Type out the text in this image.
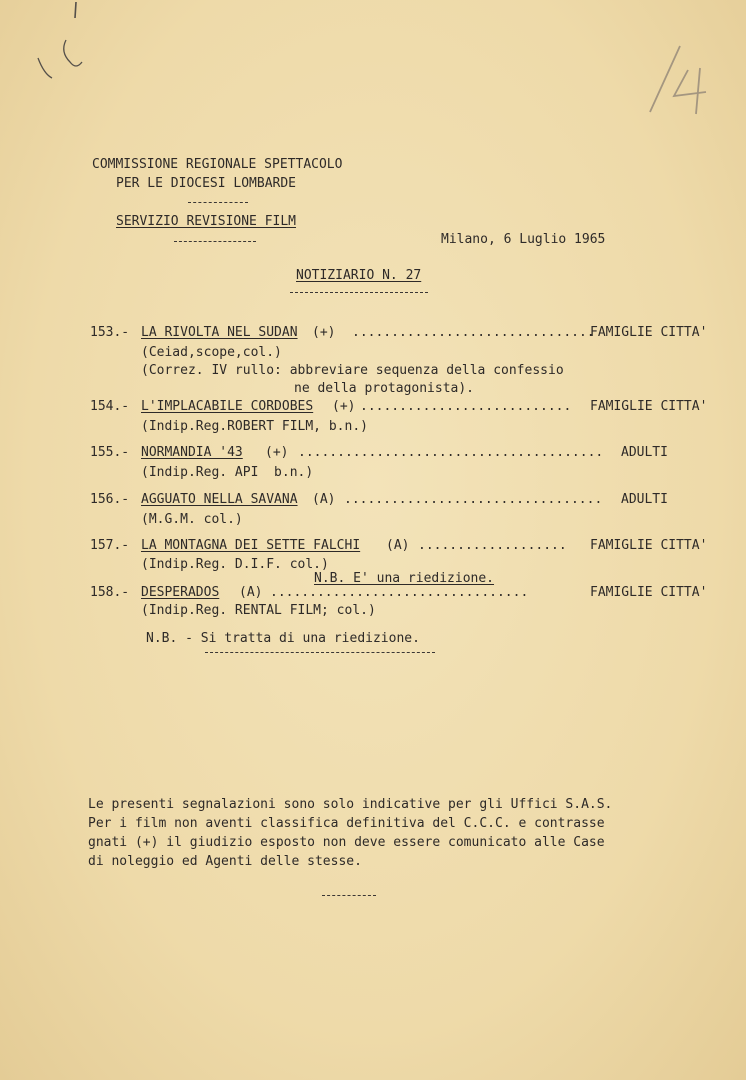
COMMISSIONE REGIONALE SPETTACOLO
PER LE DIOCESI LOMBARDE
SERVIZIO REVISIONE FILM
Milano, 6 Luglio 1965
NOTIZIARIO N. 27
153.- LA RIVOLTA NEL SUDAN (+) ...............................
FAMIGLIE CITTA'
(Ceiad,scope,col.)
(Correz. IV rullo: abbreviare sequenza della confessio
ne della protagonista).
154.- L'IMPLACABILE CORDOBES (+) ........................... FAMIGLIE CITTA'
(Indip.Reg.ROBERT FILM, b.n.)
155.- NORMANDIA '43 (+) ....................................... ADULTI
(Indip.Reg. API  b.n.)
156.- AGGUATO NELLA SAVANA (A) ................................. ADULTI
(M.G.M. col.)
157.- LA MONTAGNA DEI SETTE FALCHI (A) ................... FAMIGLIE CITTA'
(Indip.Reg. D.I.F. col.)
N.B. E' una riedizione.
158.- DESPERADOS (A) .................................	FAMIGLIE CITTA'
(Indip.Reg. RENTAL FILM; col.)
N.B. - Si tratta di una riedizione.
Le presenti segnalazioni sono solo indicative per gli Uffici S.A.S.
Per i film non aventi classifica definitiva del C.C.C. e contrasse
gnati (+) il giudizio esposto non deve essere comunicato alle Case
di noleggio ed Agenti delle stesse.
